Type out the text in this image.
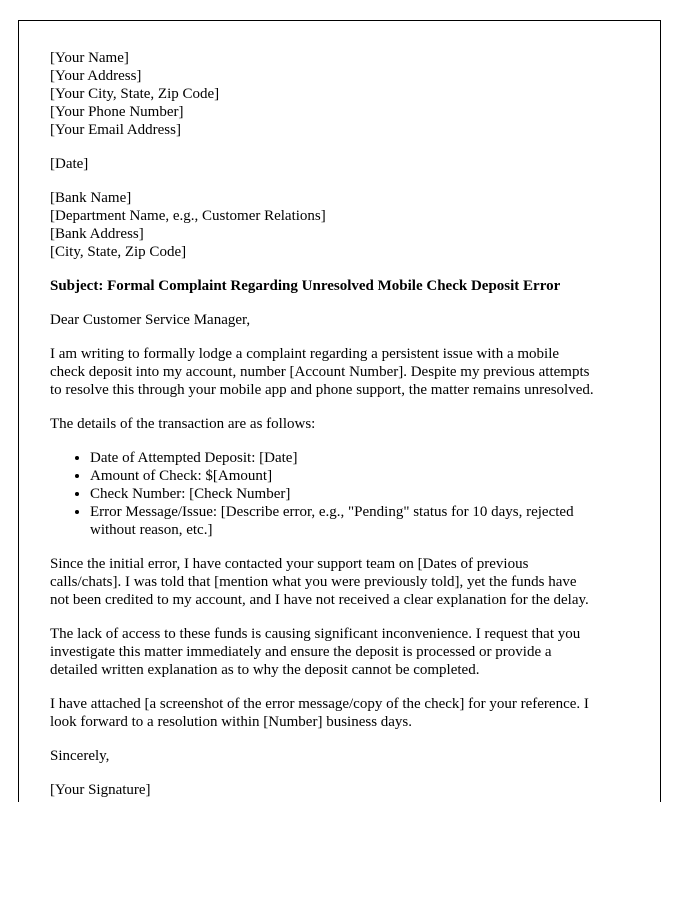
[Your Name]
[Your Address]
[Your City, State, Zip Code]
[Your Phone Number]
[Your Email Address]
[Date]
[Bank Name]
[Department Name, e.g., Customer Relations]
[Bank Address]
[City, State, Zip Code]
Subject: Formal Complaint Regarding Unresolved Mobile Check Deposit Error

Dear Customer Service Manager,

I am writing to formally lodge a complaint regarding a persistent issue with a mobile
check deposit into my account, number [Account Number]. Despite my previous attempts
to resolve this through your mobile app and phone support, the matter remains unresolved.

The details of the transaction are as follows:

• Date of Attempted Deposit: [Date]
• Amount of Check: $[Amount]
• Check Number: [Check Number]
• Error Message/Issue: [Describe error, e.g., "Pending" status for 10 days, rejected
without reason, etc.]

Since the initial error, I have contacted your support team on [Dates of previous
calls/chats]. I was told that [mention what you were previously told], yet the funds have
not been credited to my account, and I have not received a clear explanation for the delay.

The lack of access to these funds is causing significant inconvenience. I request that you
investigate this matter immediately and ensure the deposit is processed or provide a
detailed written explanation as to why the deposit cannot be completed.

I have attached [a screenshot of the error message/copy of the check] for your reference. I
look forward to a resolution within [Number] business days.

Sincerely,

[Your Signature]
